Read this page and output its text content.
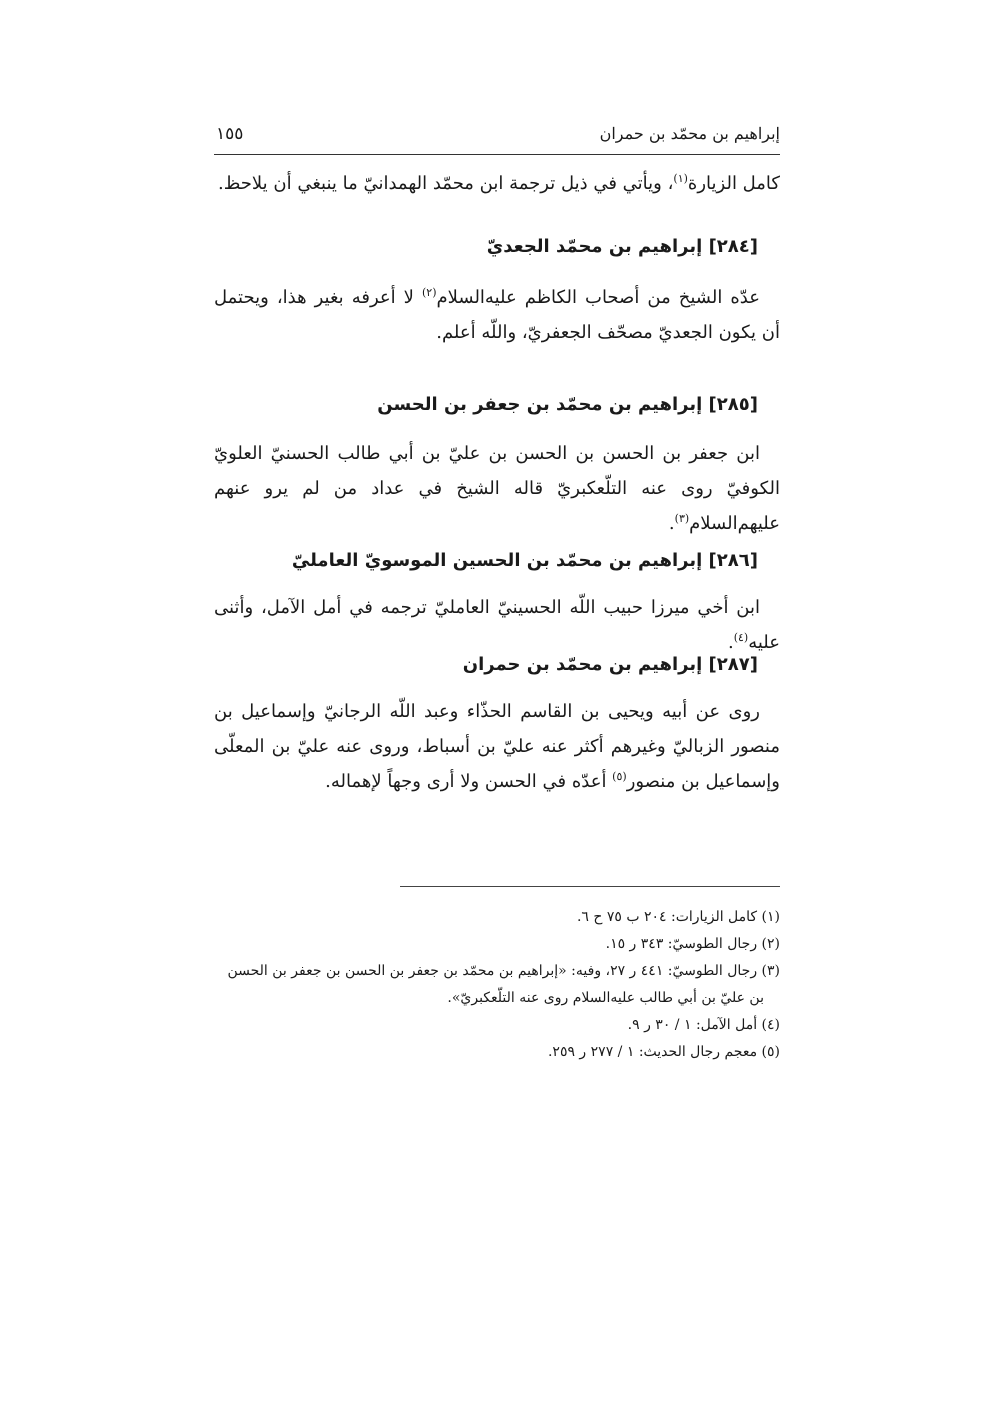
إبراهيم بن محمّد بن حمران
١٥٥

كامل الزيارة$^{(١)}$، ويأتي في ذيل ترجمة ابن محمّد الهمدانيّ ما ينبغي أن يلاحظ.

[٢٨٤] إبراهيم بن محمّد الجعديّ

عدّه الشيخ من أصحاب الكاظم عليه‌السلام$^{(٢)}$ لا أعرفه بغير هذا، ويحتمل أن يكون الجعديّ مصحّف الجعفريّ، واللّه أعلم.

[٢٨٥] إبراهيم بن محمّد بن جعفر بن الحسن

ابن جعفر بن الحسن بن الحسن بن عليّ بن أبي طالب الحسنيّ العلويّ الكوفيّ روى عنه التلّعكبريّ قاله الشيخ في عداد من لم يرو عنهم عليهم‌السلام$^{(٣)}$.

[٢٨٦] إبراهيم بن محمّد بن الحسين الموسويّ العامليّ

ابن أخي ميرزا حبيب اللّه الحسينيّ العامليّ ترجمه في أمل الآمل، وأثنى عليه$^{(٤)}$.

[٢٨٧] إبراهيم بن محمّد بن حمران

روى عن أبيه ويحيى بن القاسم الحذّاء وعبد اللّه الرجانيّ وإسماعيل بن منصور الزباليّ وغيرهم أكثر عنه عليّ بن أسباط، وروى عنه عليّ بن المعلّى وإسماعيل بن منصور$^{(٥)}$ أعدّه في الحسن ولا أرى وجهاً لإهماله.

(١) كامل الزيارات: ٢٠٤ ب ٧٥ ح ٦.

(٢) رجال الطوسيّ: ٣٤٣ ر ١٥.

(٣) رجال الطوسيّ: ٤٤١ ر ٢٧، وفيه: «إبراهيم بن محمّد بن جعفر بن الحسن بن جعفر بن الحسن

بن عليّ بن أبي طالب عليه‌السلام روى عنه التلّعكبريّ».

(٤) أمل الآمل: ١ / ٣٠ ر ٩.

(٥) معجم رجال الحديث: ١ / ٢٧٧ ر ٢٥٩.
